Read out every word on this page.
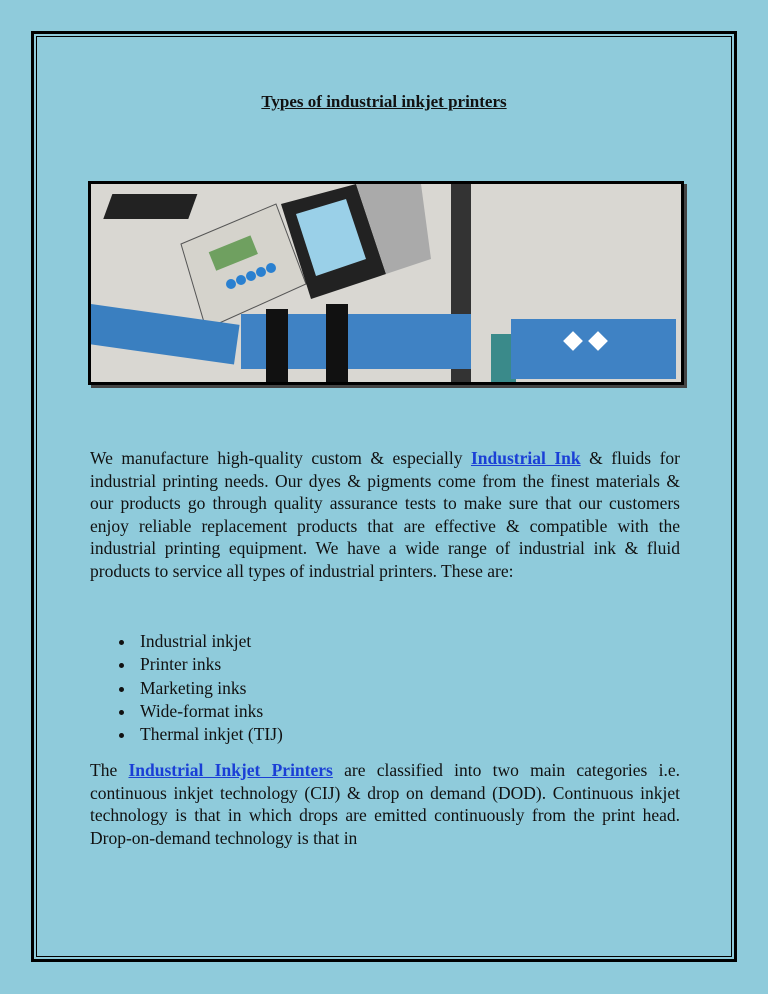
Types of industrial inkjet printers
We manufacture high-quality custom & especially Industrial Ink & fluids for industrial printing needs. Our dyes & pigments come from the finest materials & our products go through quality assurance tests to make sure that our customers enjoy reliable replacement products that are effective & compatible with the industrial printing equipment. We have a wide range of industrial ink & fluid products to service all types of industrial printers. These are:
• Industrial inkjet
• Printer inks
• Marketing inks
• Wide-format inks
• Thermal inkjet (TIJ)
The Industrial Inkjet Printers are classified into two main categories i.e. continuous inkjet technology (CIJ) & drop on demand (DOD). Continuous inkjet technology is that in which drops are emitted continuously from the print head. Drop-on-demand technology is that in
